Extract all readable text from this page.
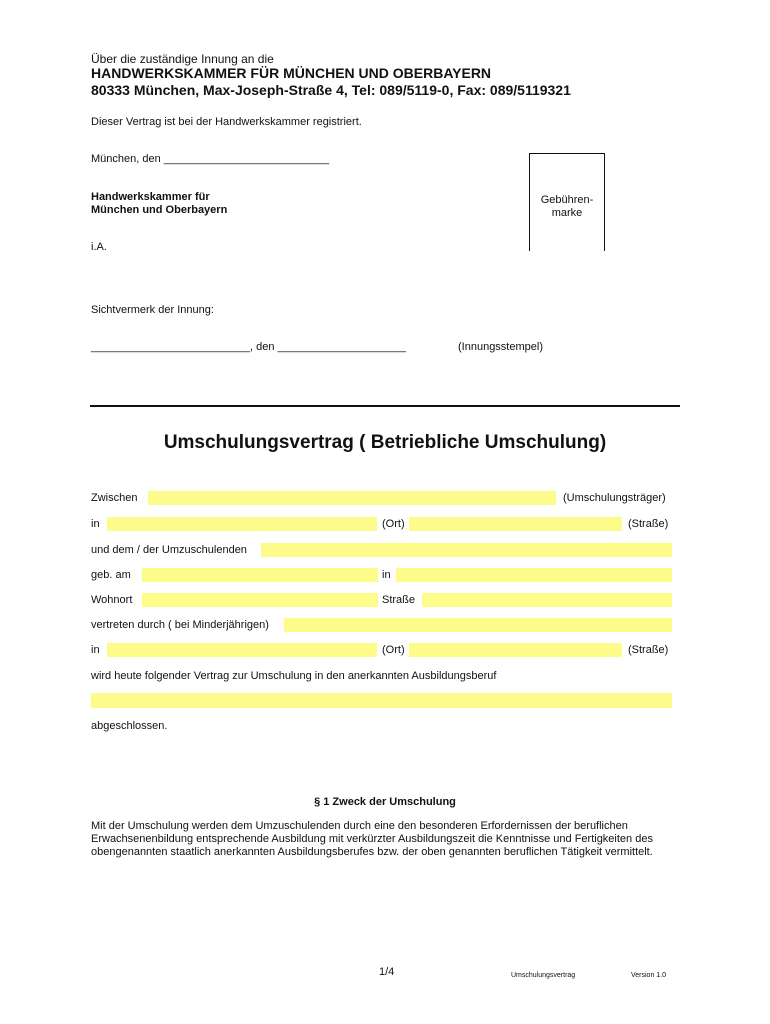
Über die zuständige Innung an die
HANDWERKSKAMMER FÜR MÜNCHEN UND OBERBAYERN
80333 München, Max-Joseph-Straße 4, Tel: 089/5119-0, Fax: 089/5119321
Dieser Vertrag ist bei der Handwerkskammer registriert.
München, den ___________________________
Handwerkskammer für
München und Oberbayern
i.A.
Gebühren-
marke
Sichtvermerk der Innung:
__________________________, den _____________________	(Innungsstempel)
Umschulungsvertrag ( Betriebliche Umschulung)
Zwischen	(Umschulungsträger)
in	(Ort)	(Straße)
und dem / der Umzuschulenden
geb. am	in
Wohnort	Straße
vertreten durch ( bei Minderjährigen)
in	(Ort)	(Straße)
wird heute folgender Vertrag zur Umschulung in den anerkannten Ausbildungsberuf
abgeschlossen.
§ 1 Zweck der Umschulung
Mit der Umschulung werden dem Umzuschulenden durch eine den besonderen Erfordernissen der beruflichen Erwachsenenbildung entsprechende Ausbildung mit verkürzter Ausbildungszeit die Kenntnisse und Fertigkeiten des obengenannten staatlich anerkannten Ausbildungsberufes bzw. der oben genannten beruflichen Tätigkeit vermittelt.
1/4	Umschulungsvertrag	Version 1.0
